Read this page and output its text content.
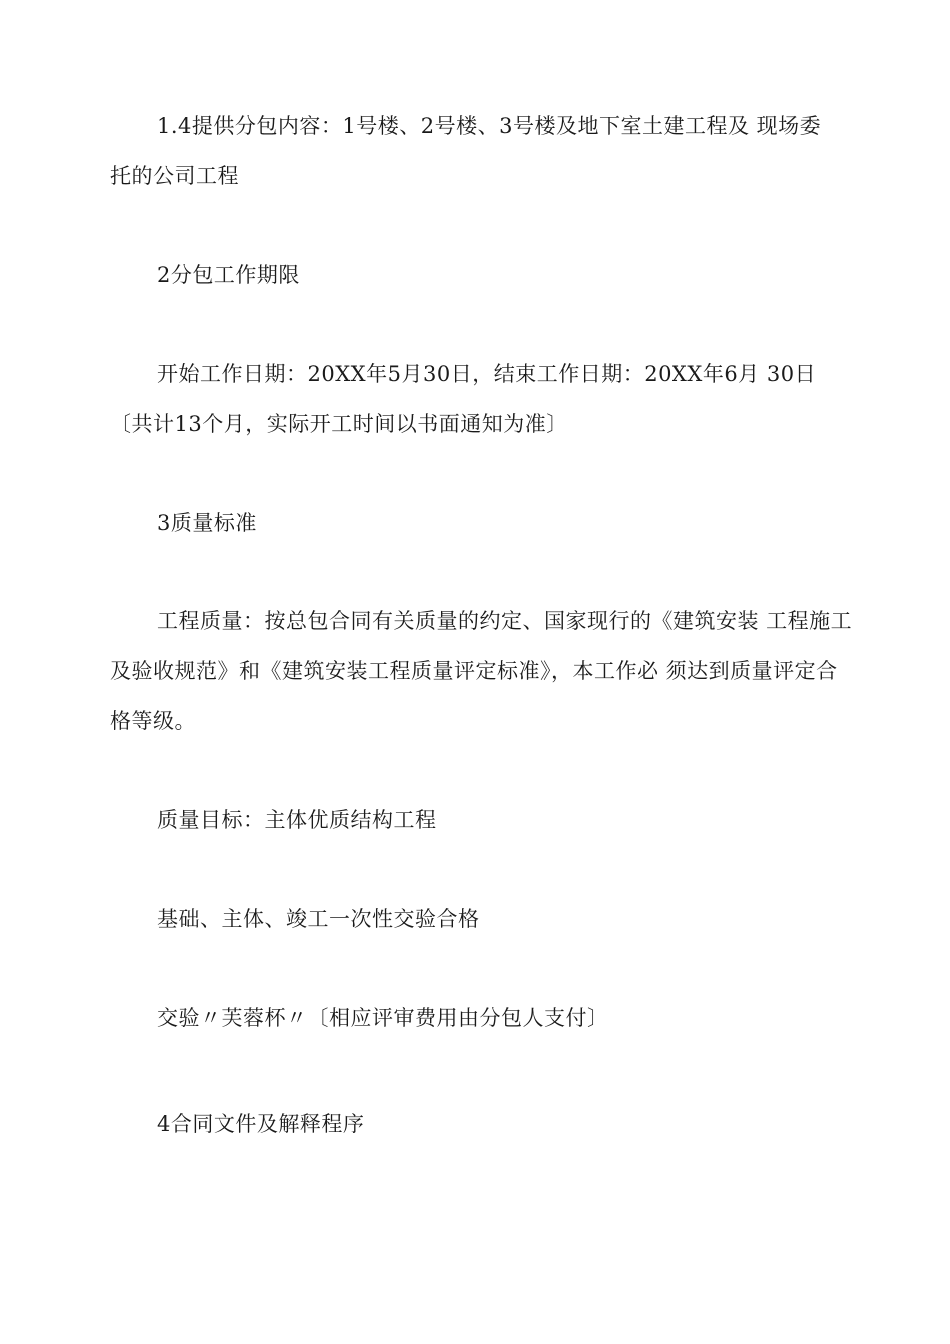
1.4提供分包内容：1号楼、2号楼、3号楼及地下室土建工程及 现场委
托的公司工程
2分包工作期限
开始工作日期：20XX年5月30日，结束工作日期：20XX年6月 30日
〔共计13个月，实际开工时间以书面通知为准〕
3质量标准
工程质量：按总包合同有关质量的约定、国家现行的《建筑安装 工程施工
及验收规范》和《建筑安装工程质量评定标准》，本工作必 须达到质量评定合
格等级。
质量目标：主体优质结构工程
基础、主体、竣工一次性交验合格
交验〃芙蓉杯〃〔相应评审费用由分包人支付〕
4合同文件及解释程序
